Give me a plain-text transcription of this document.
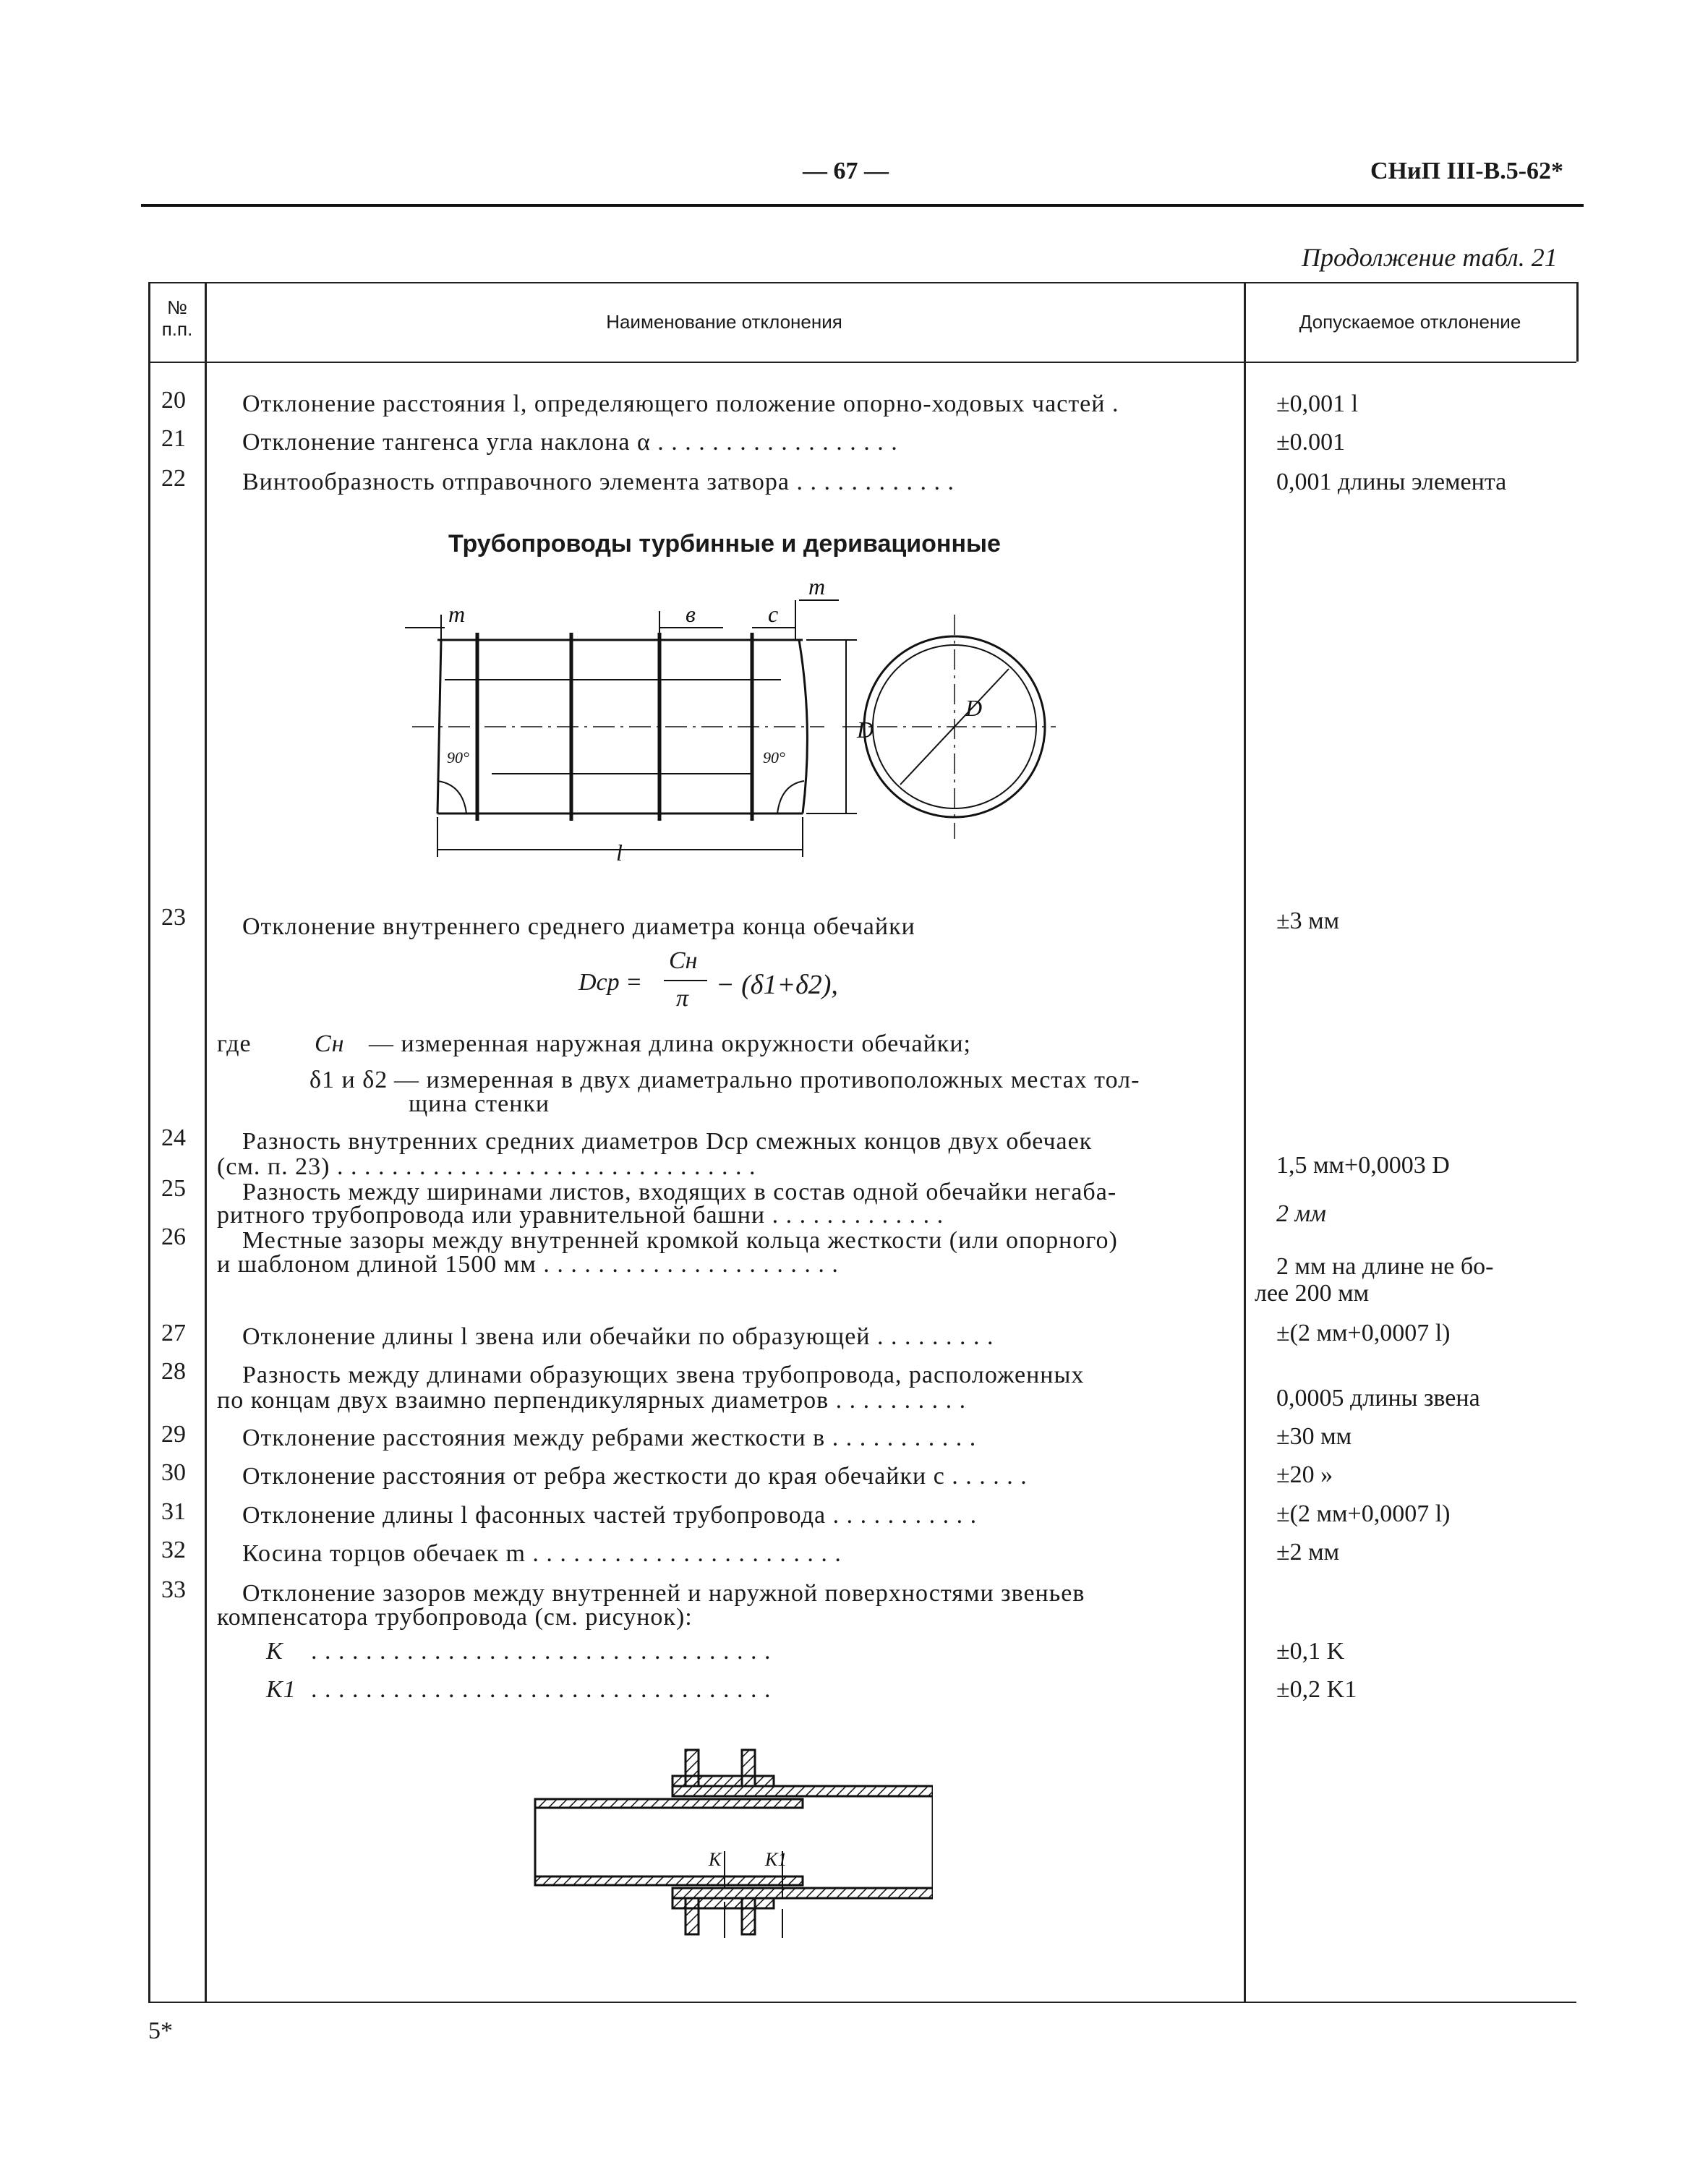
— 67 —	СНиП III-В.5-62*
Продолжение табл. 21
№
п.п.	Наименование отклонения	Допускаемое отклонение
20	Отклонение расстояния l, определяющего положение опорно-ходовых частей .	±0,001 l
21	Отклонение тангенса угла наклона α . . . . . . . . . . . . . . . . . .	±0.001
22	Винтообразность отправочного элемента затвора . . . . . . . . . . . .	0,001 длины элемента
Трубопроводы турбинные и деривационные
m
m
в	с
D
D
l
90°	90°
23	Отклонение внутреннего среднего диаметра конца обечайки	±3 мм
Dср =
Cн
π − (δ1+δ2),
где	Cн — измеренная наружная длина окружности обечайки;
δ1 и δ2 — измеренная в двух диаметрально противоположных местах тол-
щина стенки
24	Разность внутренних средних диаметров Dср смежных концов двух обечаек
(см. п. 23) . . . . . . . . . . . . . . . . . . . . . . . . . . . . . . .	1,5 мм+0,0003 D
25	Разность между ширинами листов, входящих в состав одной обечайки негаба-
ритного трубопровода или уравнительной башни . . . . . . . . . . . . .	2 мм
26	Местные зазоры между внутренней кромкой кольца жесткости (или опорного)
и шаблоном длиной 1500 мм . . . . . . . . . . . . . . . . . . . . . .	2 мм на длине не бо-
лее 200 мм
27	Отклонение длины l звена или обечайки по образующей . . . . . . . . .	±(2 мм+0,0007 l)
28	Разность между длинами образующих звена трубопровода, расположенных
по концам двух взаимно перпендикулярных диаметров . . . . . . . . . .	0,0005 длины звена
29	Отклонение расстояния между ребрами жесткости в . . . . . . . . . . .	±30 мм
30	Отклонение расстояния от ребра жесткости до края обечайки с . . . . . .	±20 »
31	Отклонение длины l фасонных частей трубопровода . . . . . . . . . . .	±(2 мм+0,0007 l)
32	Косина торцов обечаек m . . . . . . . . . . . . . . . . . . . . . . .	±2 мм
33	Отклонение зазоров между внутренней и наружной поверхностями звеньев
компенсатора трубопровода (см. рисунок):
K . . . . . . . . . . . . . . . . . . . . . . . . . . . . . . . . . .	±0,1 K
K1 . . . . . . . . . . . . . . . . . . . . . . . . . . . . . . . . . .	±0,2 K1
K K1
5*
